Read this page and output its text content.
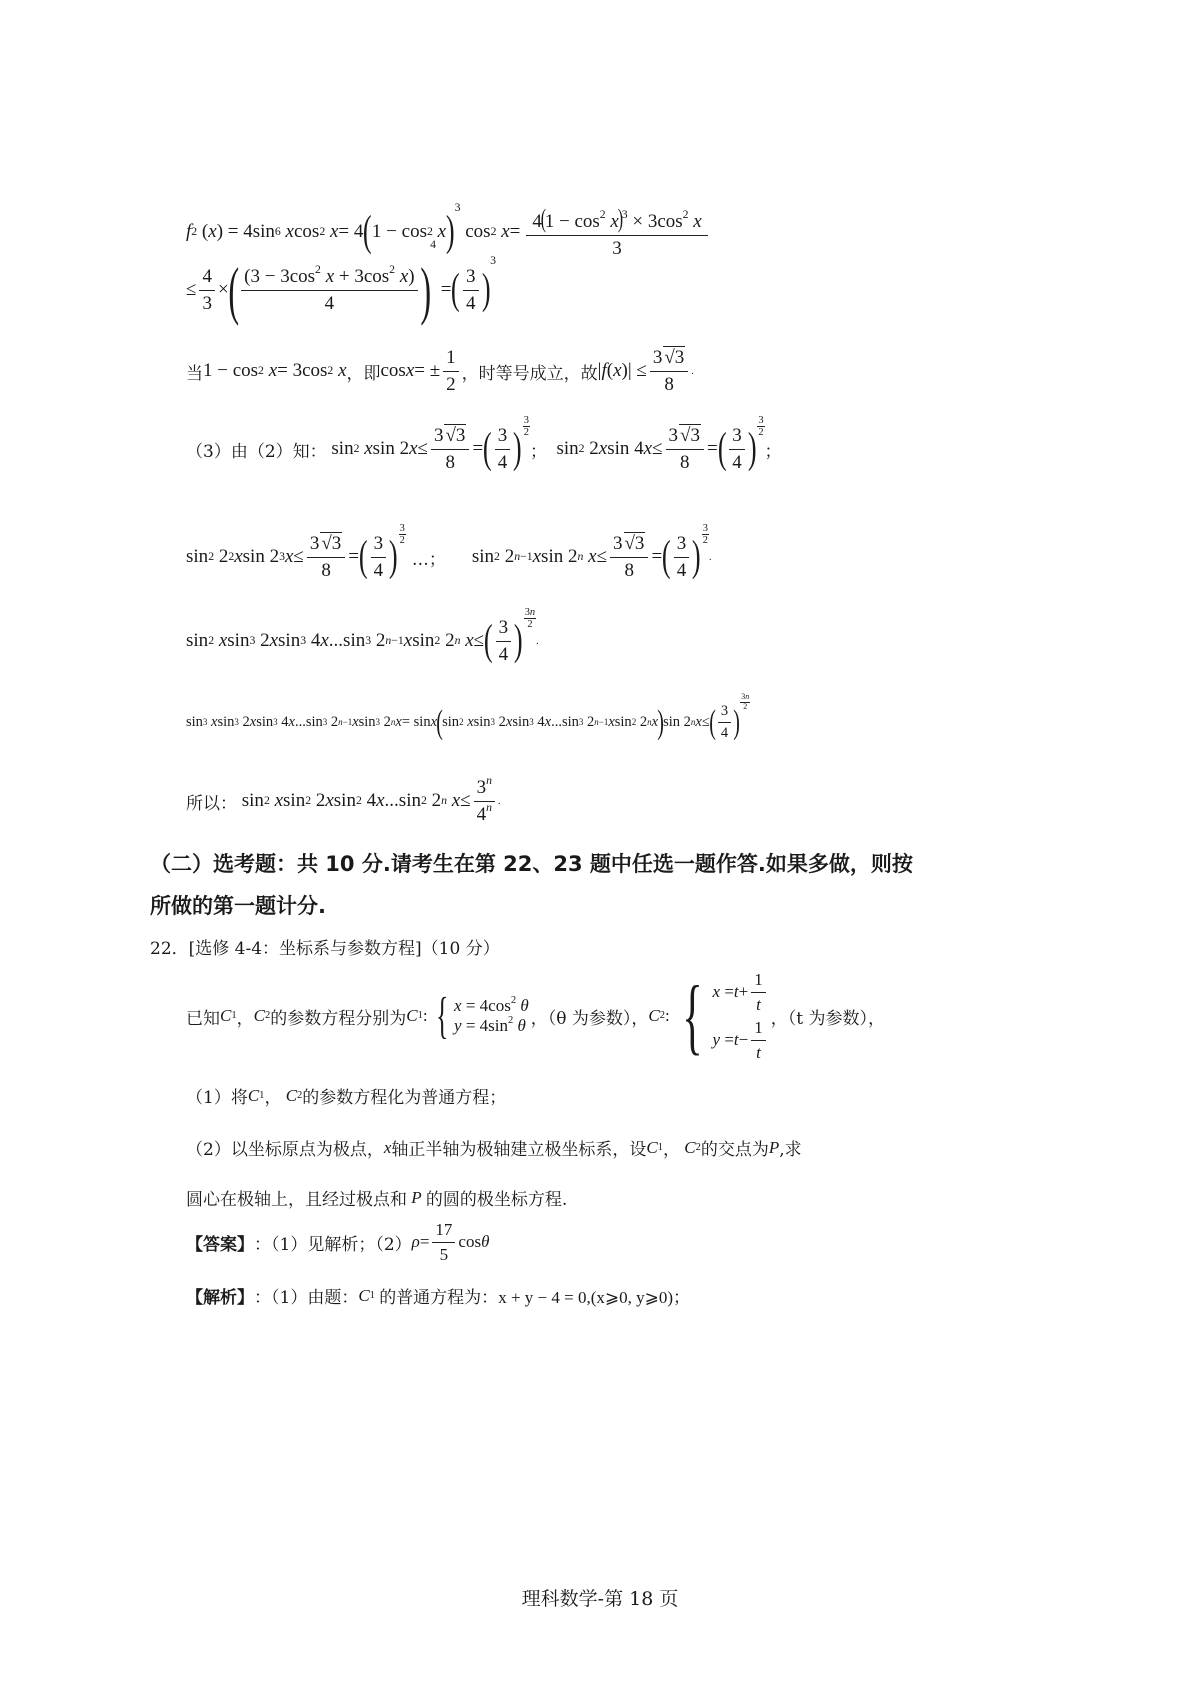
f 2 ( x ) = 4sin 6
x cos 2
x = 4 ( 1 − cos 2
x ) 3
cos 2
$x = \frac{4(1 - \cos^2 x)^3 \times 3\cos^2 x}{3}$
≤ $\frac{4}{3}$ × ( $\frac{(3 - 3\cos^2 x + 3\cos^2 x)}{4}$ )
4
= ( $\frac{3}{4}$ )
3
当 1 − cos 2
x = 3cos 2
x ，即 cos x = ± $\frac{1}{2}$ ，时等号成立，故 | f ( x )| ≤ $\frac{3 √3}{8}$ .
（3）由（2）知： sin 2
x sin 2 $x \le \frac{3 √3}{8}$ = ( $\frac{3}{4}$ ) $\frac{3}{2}$
； sin 2 2 x sin 4 $x \le \frac{3 √3}{8}$ = ( $\frac{3}{4}$ ) $\frac{3}{2}$
；
sin 2 2 2 x sin 2 3 $x \le \frac{3 √3}{8}$ = ( $\frac{3}{4}$ ) $\frac{3}{2}$
…； sin 2 2 n−1 x sin 2 n
$x \le \frac{3 √3}{8}$ = ( $\frac{3}{4}$ ) $\frac{3}{2}$
.
sin 2
x sin 3 2 x sin 3 4 x ...sin 3 2 n−1 x sin 2 2 n
x ≤ ( $\frac{3}{4}$ ) $\frac{3n}{2}$
.
sin 3
x sin 3 2 x sin 3 4 x ...sin 3 2 n−1 x sin 3 2 n x = sin x ( sin 2
x sin 3 2 x sin 3 4 x ...sin 3 2 n−1 x sin 2 2 n x ) sin 2 n x ≤ ( $\frac{3}{4}$ )
$\frac{3n}{2}$
所以： sin 2
x sin 2 2 x sin 2 4 x ...sin 2 2 n
$x \le \frac{3^n}{4^n}$ .
（二）选考题：共 10 分.请考生在第 22、23 题中任选一题作答.如果多做，则按
所做的第一题计分.
22．[选修 4-4：坐标系与参数方程]（10 分）
已知 C 1 ， C 2 的参数方程分别为 C 1 : { $x = 4\cos^2$ θ
$y = 4\sin^2$ θ ，（θ 为参数）， C 2 : { $x = t + \frac{1}{t}$
$y = t - \frac{1}{t}$ ，（t 为参数），
（1）将 C 1 ，
C 2 的参数方程化为普通方程；
（2）以坐标原点为极点， x 轴正半轴为极轴建立极坐标系，设 C 1 ，
C 2 的交点为 P ,求
圆心在极轴上，且经过极点和
P
的圆的极坐标方程.
【答案】 ：（1）见解析；（2） $\rho = \frac{17}{5}$ cos θ
【解析】 ：（1）由题： C 1
的普通方程为： x + y − 4 = 0,(x⩾0, y⩾0)；
理科数学-第 18 页
